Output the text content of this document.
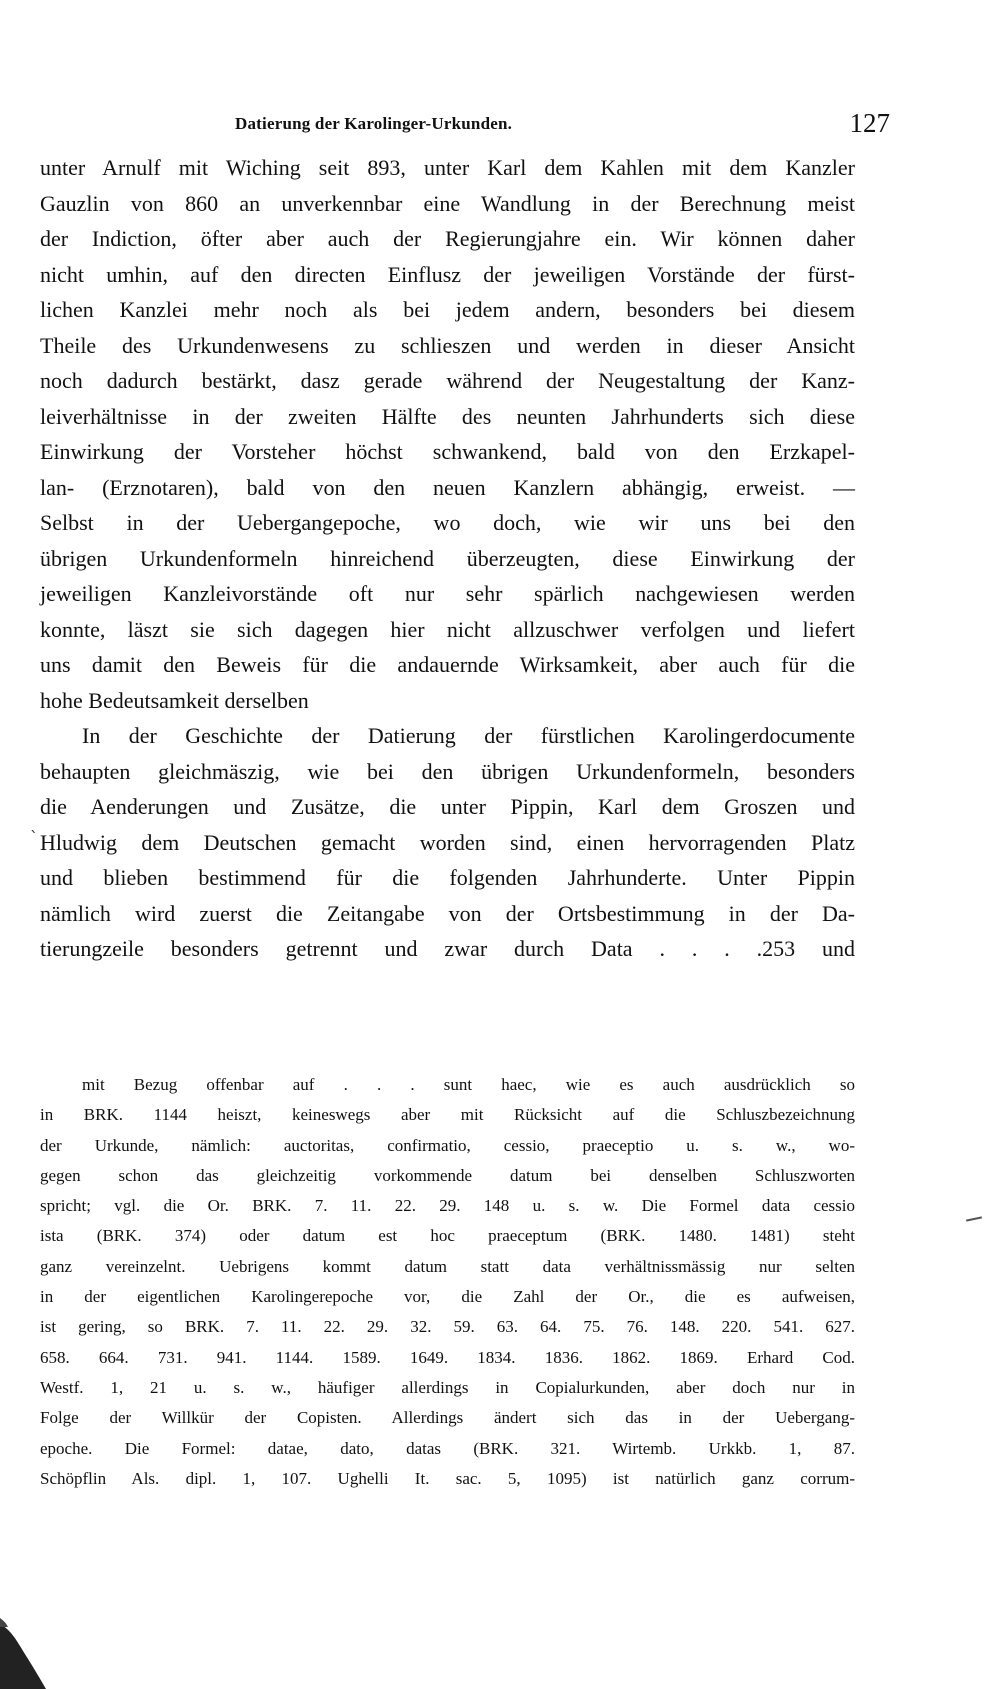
Datierung der Karolinger-Urkunden.	127
unter Arnulf mit Wiching seit 893, unter Karl dem Kahlen mit dem Kanzler
Gauzlin von 860 an unverkennbar eine Wandlung in der Berechnung meist
der Indiction, öfter aber auch der Regierungjahre ein. Wir können daher
nicht umhin, auf den directen Einflusz der jeweiligen Vorstände der fürst-
lichen Kanzlei mehr noch als bei jedem andern, besonders bei diesem
Theile des Urkundenwesens zu schlieszen und werden in dieser Ansicht
noch dadurch bestärkt, dasz gerade während der Neugestaltung der Kanz-
leiverhältnisse in der zweiten Hälfte des neunten Jahrhunderts sich diese
Einwirkung der Vorsteher höchst schwankend, bald von den Erzkapel-
lan- (Erznotaren), bald von den neuen Kanzlern abhängig, erweist. —
Selbst in der Uebergangepoche, wo doch, wie wir uns bei den
übrigen Urkundenformeln hinreichend überzeugten, diese Einwirkung der
jeweiligen Kanzleivorstände oft nur sehr spärlich nachgewiesen werden
konnte, läszt sie sich dagegen hier nicht allzuschwer verfolgen und liefert
uns damit den Beweis für die andauernde Wirksamkeit, aber auch für die
hohe Bedeutsamkeit derselben
In der Geschichte der Datierung der fürstlichen Karolingerdocumente
behaupten gleichmäszig, wie bei den übrigen Urkundenformeln, besonders
die Aenderungen und Zusätze, die unter Pippin, Karl dem Groszen und
Hludwig dem Deutschen gemacht worden sind, einen hervorragenden Platz
und blieben bestimmend für die folgenden Jahrhunderte. Unter Pippin
nämlich wird zuerst die Zeitangabe von der Ortsbestimmung in der Da-
tierungzeile besonders getrennt und zwar durch Data . . . .253 und
mit Bezug offenbar auf . . . sunt haec, wie es auch ausdrücklich so
in BRK. 1144 heiszt, keineswegs aber mit Rücksicht auf die Schluszbezeichnung
der Urkunde, nämlich: auctoritas, confirmatio, cessio, praeceptio u. s. w., wo-
gegen schon das gleichzeitig vorkommende datum bei denselben Schluszworten
spricht; vgl. die Or. BRK. 7. 11. 22. 29. 148 u. s. w. Die Formel data cessio
ista (BRK. 374) oder datum est hoc praeceptum (BRK. 1480. 1481) steht
ganz vereinzelnt. Uebrigens kommt datum statt data verhältnissmässig nur selten
in der eigentlichen Karolingerepoche vor, die Zahl der Or., die es aufweisen,
ist gering, so BRK. 7. 11. 22. 29. 32. 59. 63. 64. 75. 76. 148. 220. 541. 627.
658. 664. 731. 941. 1144. 1589. 1649. 1834. 1836. 1862. 1869. Erhard Cod.
Westf. 1, 21 u. s. w., häufiger allerdings in Copialurkunden, aber doch nur in
Folge der Willkür der Copisten. Allerdings ändert sich das in der Uebergang-
epoche. Die Formel: datae, dato, datas (BRK. 321. Wirtemb. Urkkb. 1, 87.
Schöpflin Als. dipl. 1, 107. Ughelli It. sac. 5, 1095) ist natürlich ganz corrum-
`
